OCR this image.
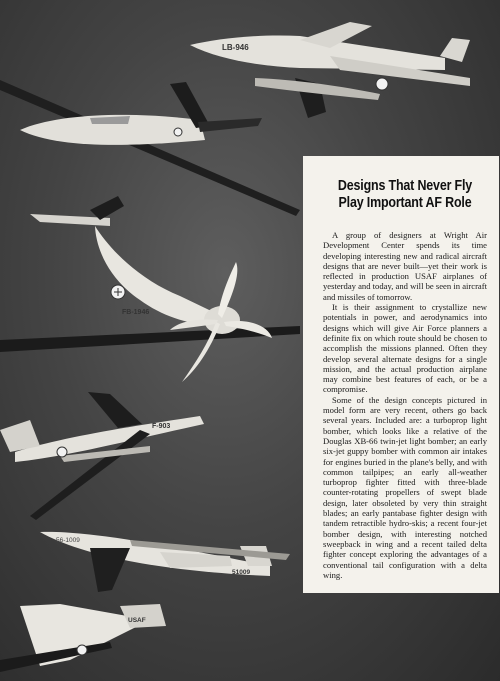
LB-946
FB-1946
F-903
56-1009
51009
USAF
Designs That Never Fly
Play Important AF Role

A group of designers at Wright Air Development Center spends its time developing interesting new and radical aircraft designs that are never built—yet their work is reflected in production USAF airplanes of yesterday and today, and will be seen in aircraft and missiles of tomorrow.

It is their assignment to crystallize new potentials in power, and aerodynamics into designs which will give Air Force planners a definite fix on which route should be chosen to accomplish the missions planned. Often they develop several alternate designs for a single mission, and the actual production airplane may combine best features of each, or be a compromise.

Some of the design concepts pictured in model form are very recent, others go back several years. Included are: a turboprop light bomber, which looks like a relative of the Douglas XB-66 twin-jet light bomber; an early six-jet guppy bomber with common air intakes for engines buried in the plane's belly, and with common tailpipes; an early all-weather turboprop fighter fitted with three-blade counter-rotating propellers of swept blade design, later obsoleted by very thin straight blades; an early pantabase fighter design with tandem retractible hydro-skis; a recent four-jet bomber design, with interesting notched sweepback in wing and a recent tailed delta fighter concept exploring the advantages of a conventional tail configuration with a delta wing.
